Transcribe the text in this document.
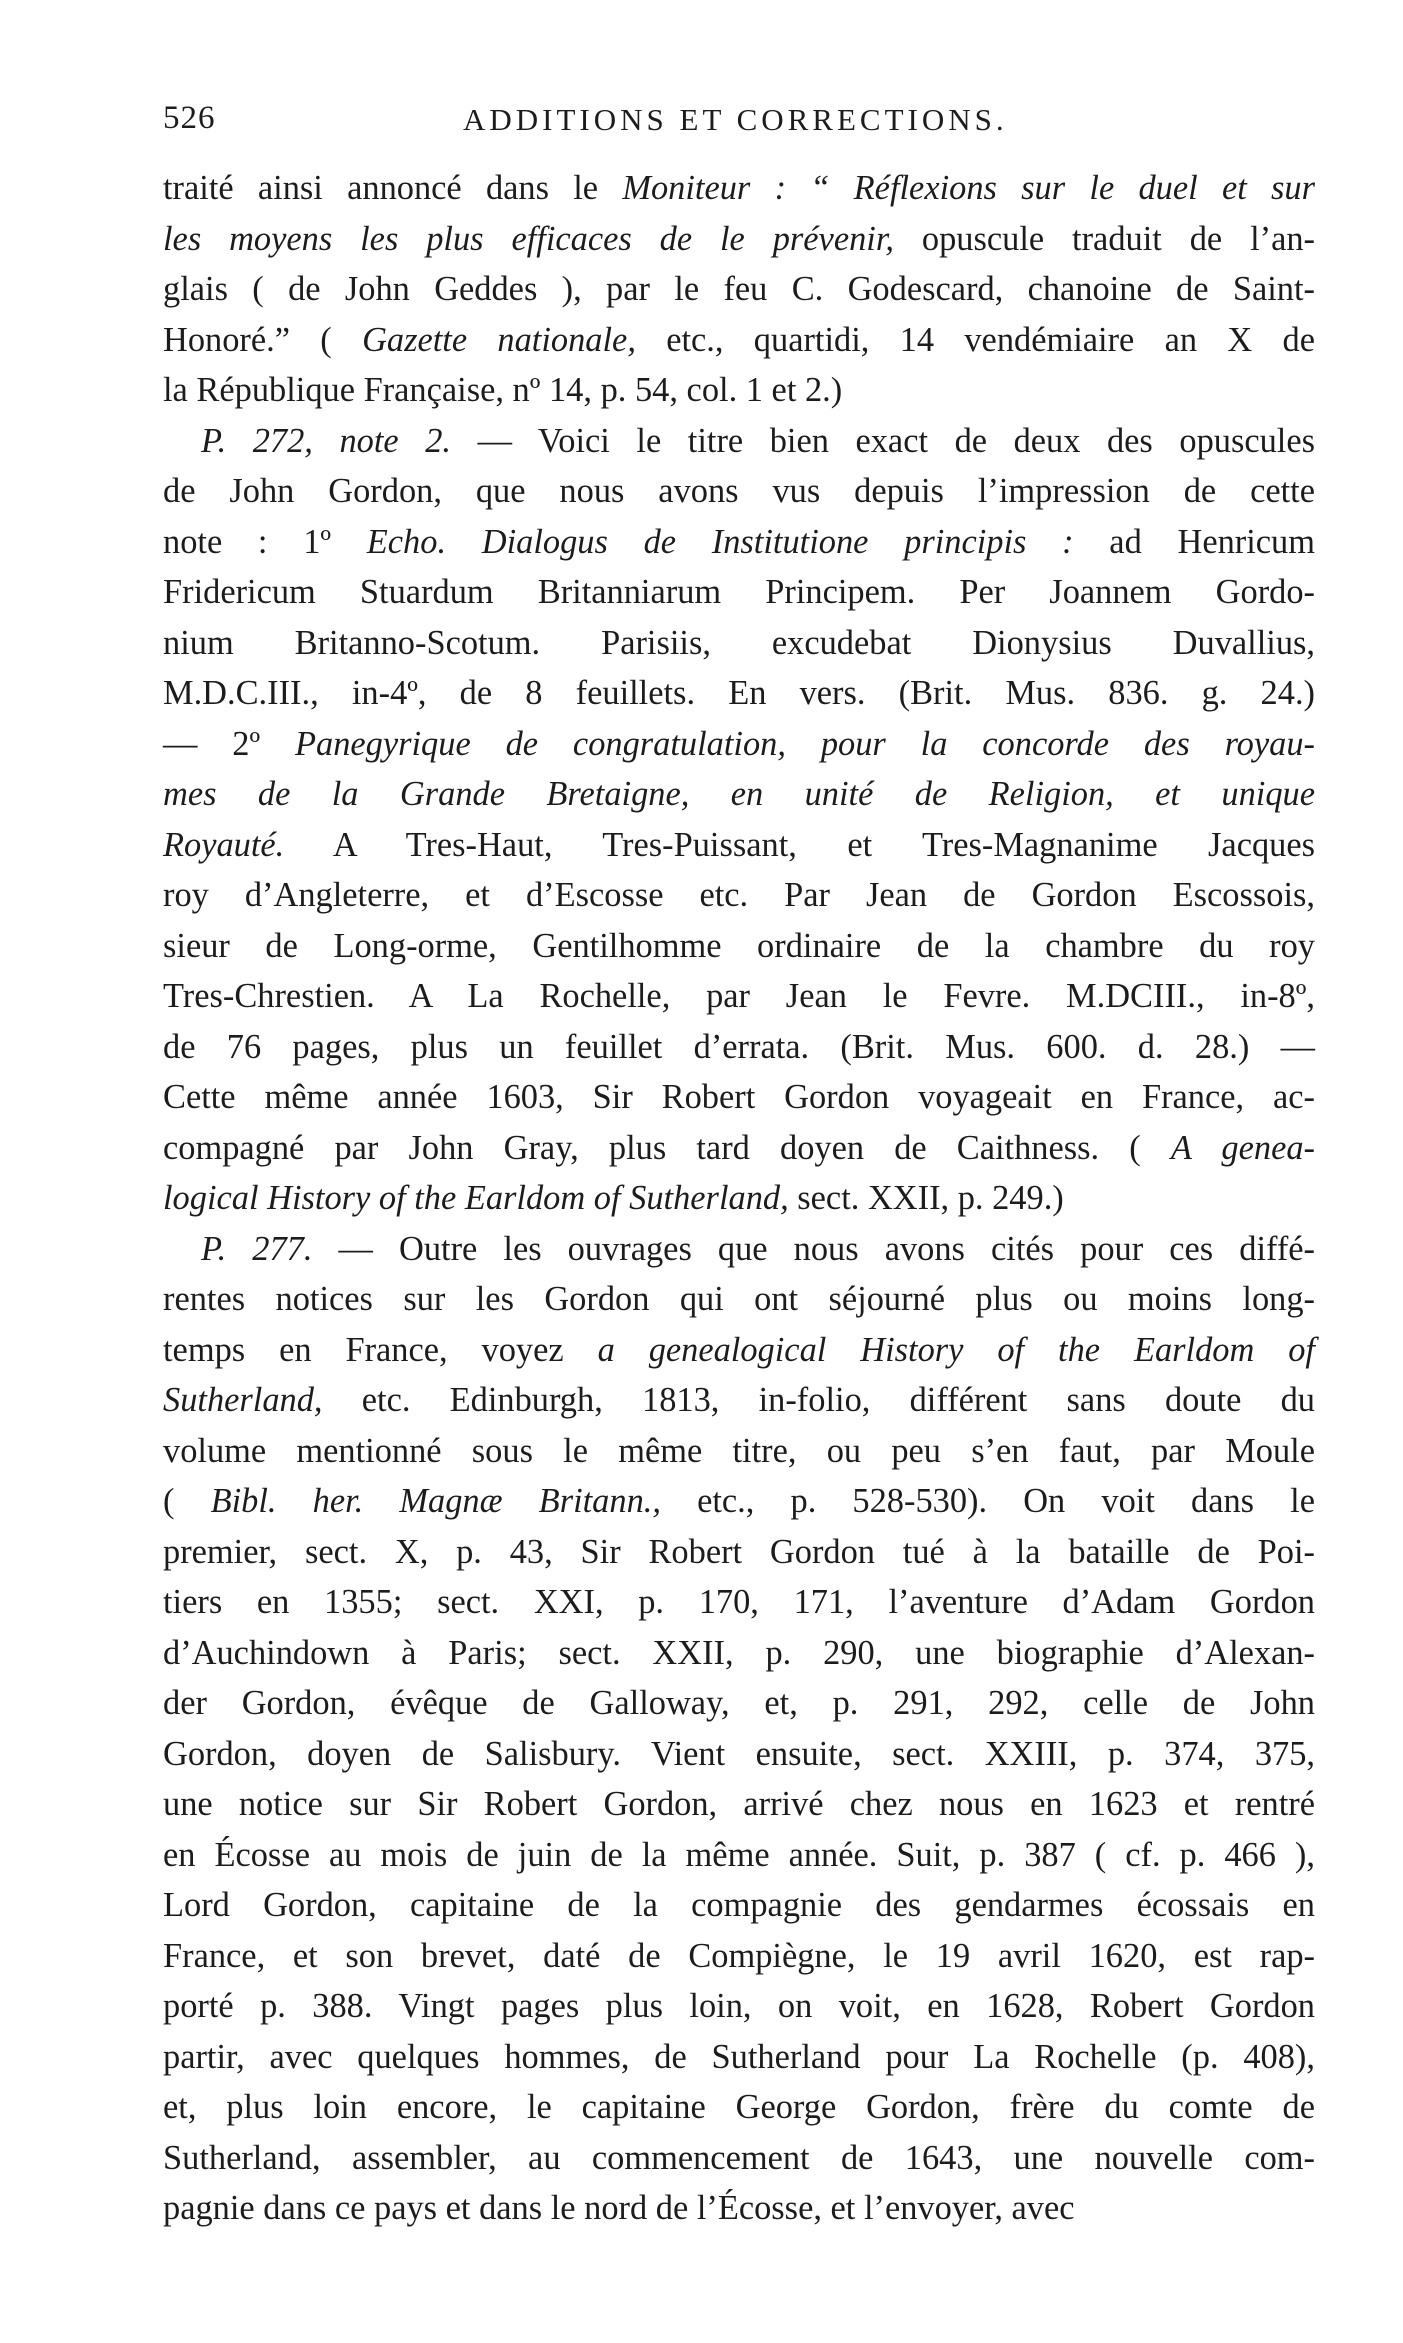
526	ADDITIONS ET CORRECTIONS.
traité ainsi annoncé dans le Moniteur : “ Réflexions sur le duel et sur
les moyens les plus efficaces de le prévenir, opuscule traduit de l’an-
glais ( de John Geddes ), par le feu C. Godescard, chanoine de Saint-
Honoré.” ( Gazette nationale, etc., quartidi, 14 vendémiaire an X de
la République Française, nº 14, p. 54, col. 1 et 2.)
P. 272, note 2. — Voici le titre bien exact de deux des opuscules
de John Gordon, que nous avons vus depuis l’impression de cette
note : 1º Echo. Dialogus de Institutione principis : ad Henricum
Fridericum Stuardum Britanniarum Principem. Per Joannem Gordo-
nium Britanno-Scotum. Parisiis, excudebat Dionysius Duvallius,
M.D.C.III., in-4º, de 8 feuillets. En vers. (Brit. Mus. 836. g. 24.)
— 2º Panegyrique de congratulation, pour la concorde des royau-
mes de la Grande Bretaigne, en unité de Religion, et unique
Royauté. A Tres-Haut, Tres-Puissant, et Tres-Magnanime Jacques
roy d’Angleterre, et d’Escosse etc. Par Jean de Gordon Escossois,
sieur de Long-orme, Gentilhomme ordinaire de la chambre du roy
Tres-Chrestien. A La Rochelle, par Jean le Fevre. M.DCIII., in-8º,
de 76 pages, plus un feuillet d’errata. (Brit. Mus. 600. d. 28.) —
Cette même année 1603, Sir Robert Gordon voyageait en France, ac-
compagné par John Gray, plus tard doyen de Caithness. ( A genea-
logical History of the Earldom of Sutherland, sect. XXII, p. 249.)
P. 277. — Outre les ouvrages que nous avons cités pour ces diffé-
rentes notices sur les Gordon qui ont séjourné plus ou moins long-
temps en France, voyez a genealogical History of the Earldom of
Sutherland, etc. Edinburgh, 1813, in-folio, différent sans doute du
volume mentionné sous le même titre, ou peu s’en faut, par Moule
( Bibl. her. Magnæ Britann., etc., p. 528-530). On voit dans le
premier, sect. X, p. 43, Sir Robert Gordon tué à la bataille de Poi-
tiers en 1355; sect. XXI, p. 170, 171, l’aventure d’Adam Gordon
d’Auchindown à Paris; sect. XXII, p. 290, une biographie d’Alexan-
der Gordon, évêque de Galloway, et, p. 291, 292, celle de John
Gordon, doyen de Salisbury. Vient ensuite, sect. XXIII, p. 374, 375,
une notice sur Sir Robert Gordon, arrivé chez nous en 1623 et rentré
en Écosse au mois de juin de la même année. Suit, p. 387 ( cf. p. 466 ),
Lord Gordon, capitaine de la compagnie des gendarmes écossais en
France, et son brevet, daté de Compiègne, le 19 avril 1620, est rap-
porté p. 388. Vingt pages plus loin, on voit, en 1628, Robert Gordon
partir, avec quelques hommes, de Sutherland pour La Rochelle (p. 408),
et, plus loin encore, le capitaine George Gordon, frère du comte de
Sutherland, assembler, au commencement de 1643, une nouvelle com-
pagnie dans ce pays et dans le nord de l’Écosse, et l’envoyer, avec
